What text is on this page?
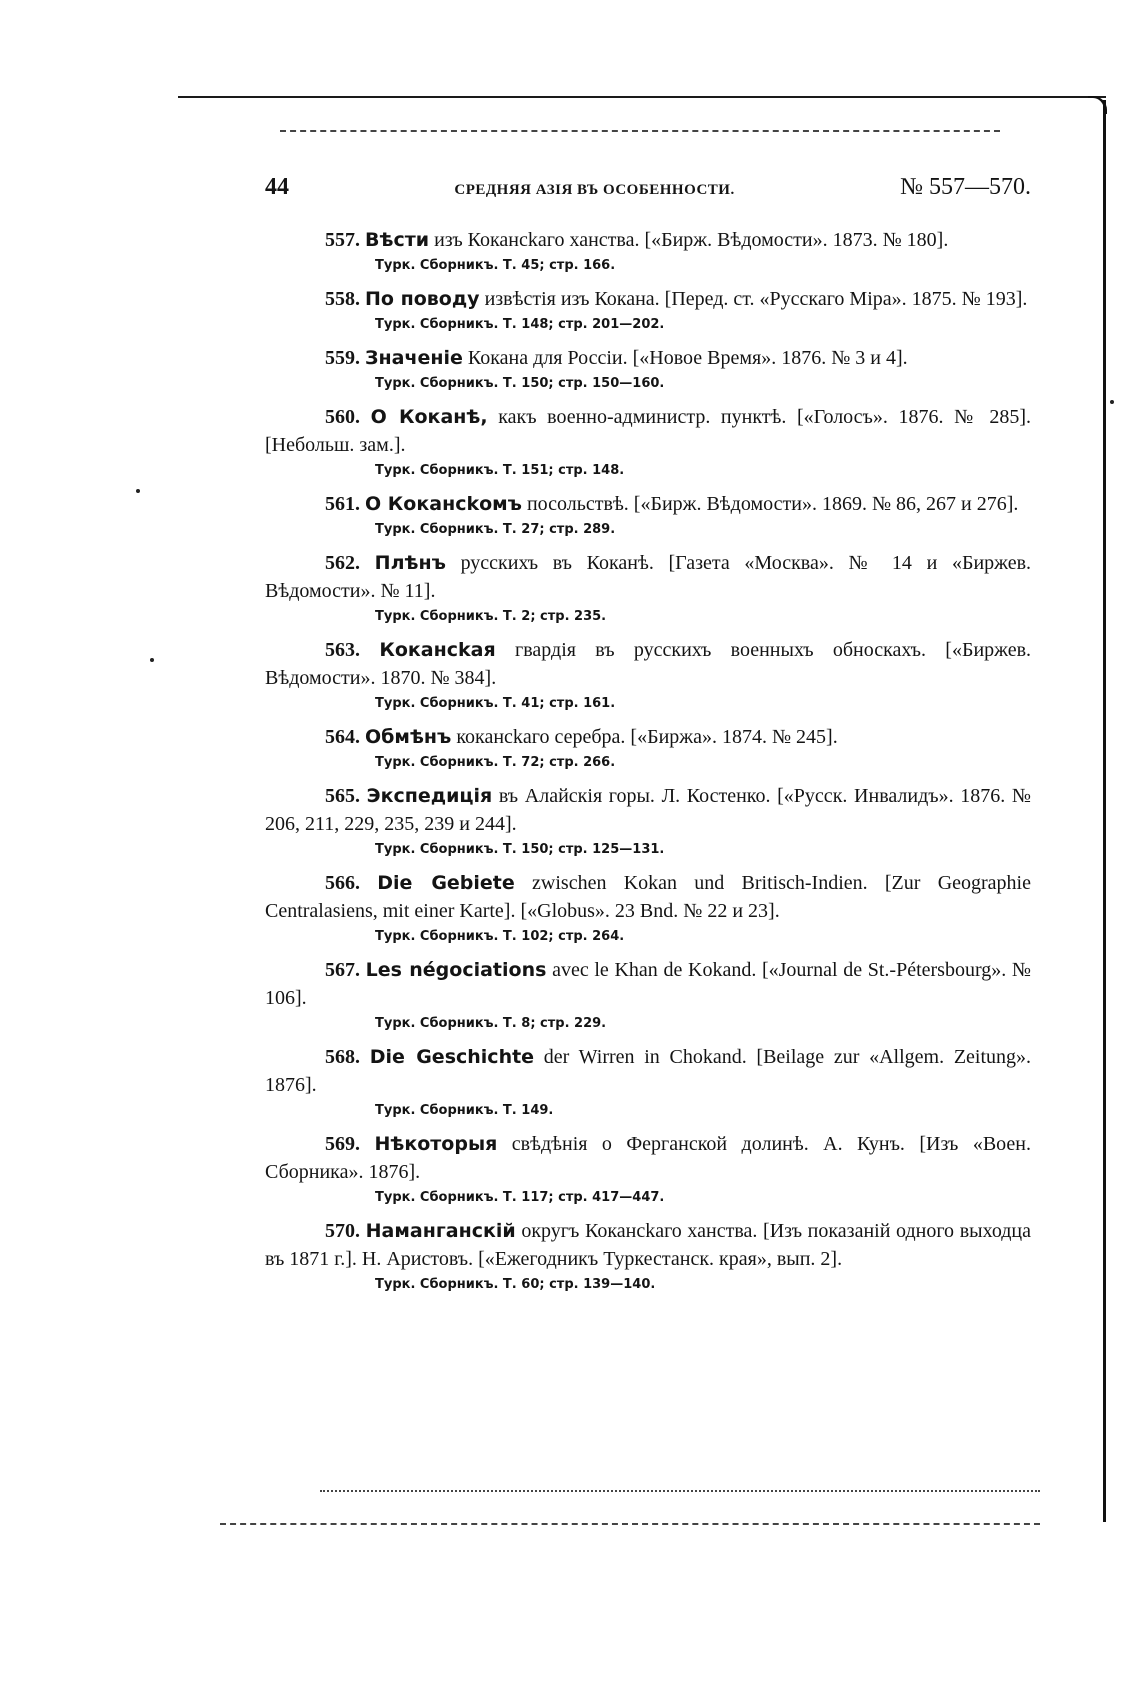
44	СРЕДНЯЯ АЗІЯ ВЪ ОСОБЕННОСТИ.	№ 557—570.

557. Вѣсти изъ Кокансkаго ханства. [«Бирж. Вѣдомости». 1873. № 180].

Турк. Сборникъ. Т. 45; стр. 166.

558. По поводу извѣстія изъ Кокана. [Перед. ст. «Русскаго Міра». 1875. № 193].

Турк. Сборникъ. Т. 148; стр. 201—202.

559. Значеніе Кокана для Россіи. [«Новое Время». 1876. № 3 и 4].

Турк. Сборникъ. Т. 150; стр. 150—160.

560. О Коканѣ, какъ военно-администр. пунктѣ. [«Голосъ». 1876. № 285]. [Небольш. зам.].

Турк. Сборникъ. Т. 151; стр. 148.

561. О Кокансkомъ посольствѣ. [«Бирж. Вѣдомости». 1869. № 86, 267 и 276].

Турк. Сборникъ. Т. 27; стр. 289.

562. Плѣнъ русскихъ въ Коканѣ. [Газета «Москва». № 14 и «Биржев. Вѣдомости». № 11].

Турк. Сборникъ. Т. 2; стр. 235.

563. Кокансkая гвардія въ русскихъ военныхъ обноскахъ. [«Биржев. Вѣдомости». 1870. № 384].

Турк. Сборникъ. Т. 41; стр. 161.

564. Обмѣнъ кокансkаго серебра. [«Биржа». 1874. № 245].

Турк. Сборникъ. Т. 72; стр. 266.

565. Экспедиція въ Алайскія горы. Л. Костенко. [«Русск. Инвалидъ». 1876. № 206, 211, 229, 235, 239 и 244].

Турк. Сборникъ. Т. 150; стр. 125—131.

566. Die Gebiete zwischen Kokan und Britisch-Indien. [Zur Geographie Centralasiens, mit einer Karte]. [«Globus». 23 Bnd. № 22 и 23].

Турк. Сборникъ. Т. 102; стр. 264.

567. Les négociations avec le Khan de Kokand. [«Journal de St.-Pétersbourg». № 106].

Турк. Сборникъ. Т. 8; стр. 229.

568. Die Geschichte der Wirren in Chokand. [Beilage zur «Allgem. Zeitung». 1876].

Турк. Сборникъ. Т. 149.

569. Нѣкоторыя свѣдѣнія о Ферганской долинѣ. А. Кунъ. [Изъ «Воен. Сборника». 1876].

Турк. Сборникъ. Т. 117; стр. 417—447.

570. Наманганскій округъ Кокансkаго ханства. [Изъ показаній одного выходца въ 1871 г.]. Н. Аристовъ. [«Ежегодникъ Туркестанск. края», вып. 2].

Турк. Сборникъ. Т. 60; стр. 139—140.
